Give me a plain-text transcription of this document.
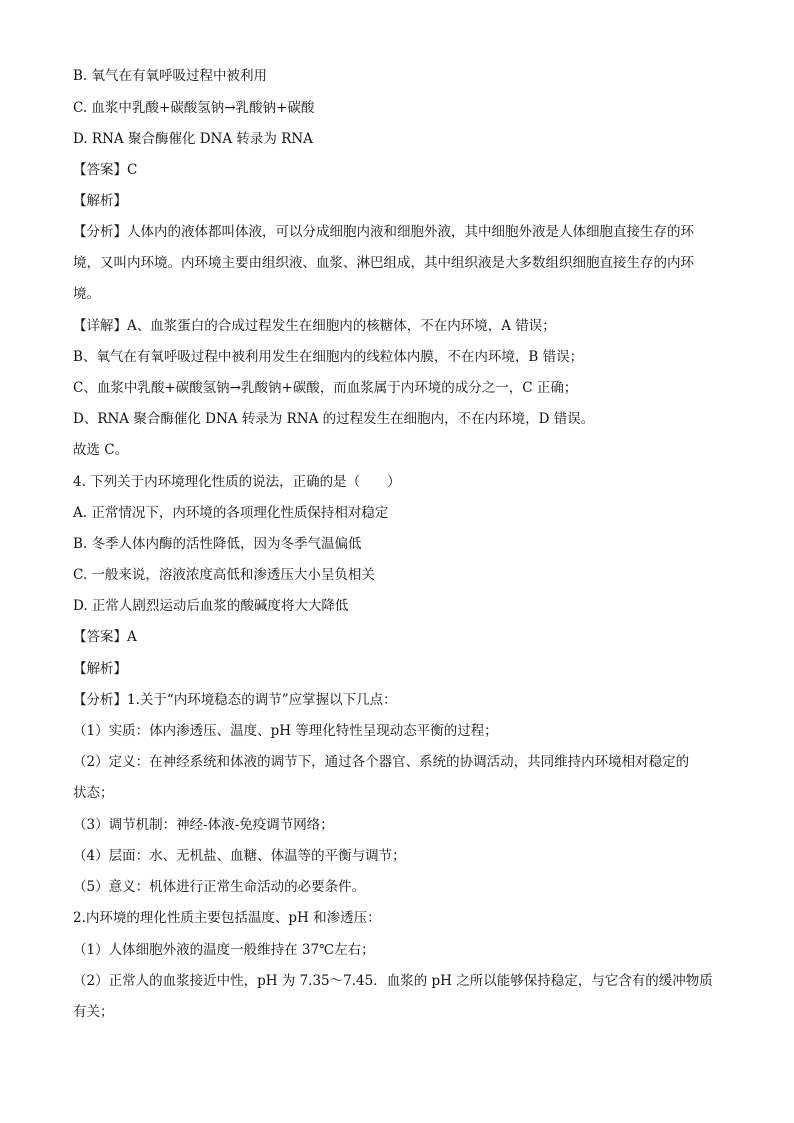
B. 氧气在有氧呼吸过程中被利用
C. 血浆中乳酸+碳酸氢钠→乳酸钠+碳酸
D. RNA 聚合酶催化 DNA 转录为 RNA
【答案】C
【解析】
【分析】人体内的液体都叫体液，可以分成细胞内液和细胞外液，其中细胞外液是人体细胞直接生存的环
境，又叫内环境。内环境主要由组织液、血浆、淋巴组成，其中组织液是大多数组织细胞直接生存的内环
境。
【详解】A、血浆蛋白的合成过程发生在细胞内的核糖体，不在内环境，A 错误；
B、氧气在有氧呼吸过程中被利用发生在细胞内的线粒体内膜，不在内环境，B 错误；
C、血浆中乳酸+碳酸氢钠→乳酸钠+碳酸，而血浆属于内环境的成分之一，C 正确；
D、RNA 聚合酶催化 DNA 转录为 RNA 的过程发生在细胞内，不在内环境，D 错误。
故选 C。
4. 下列关于内环境理化性质的说法，正确的是（　　）
A. 正常情况下，内环境的各项理化性质保持相对稳定
B. 冬季人体内酶的活性降低，因为冬季气温偏低
C. 一般来说，溶液浓度高低和渗透压大小呈负相关
D. 正常人剧烈运动后血浆的酸碱度将大大降低
【答案】A
【解析】
【分析】1.关于“内环境稳态的调节”应掌握以下几点：
（1）实质：体内渗透压、温度、pH 等理化特性呈现动态平衡的过程；
（2）定义：在神经系统和体液的调节下，通过各个器官、系统的协调活动，共同维持内环境相对稳定的
状态；
（3）调节机制：神经-体液-免疫调节网络；
（4）层面：水、无机盐、血糖、体温等的平衡与调节；
（5）意义：机体进行正常生命活动的必要条件。
2.内环境的理化性质主要包括温度、pH 和渗透压：
（1）人体细胞外液的温度一般维持在 37℃左右；
（2）正常人的血浆接近中性，pH 为 7.35～7.45．血浆的 pH 之所以能够保持稳定，与它含有的缓冲物质
有关；
